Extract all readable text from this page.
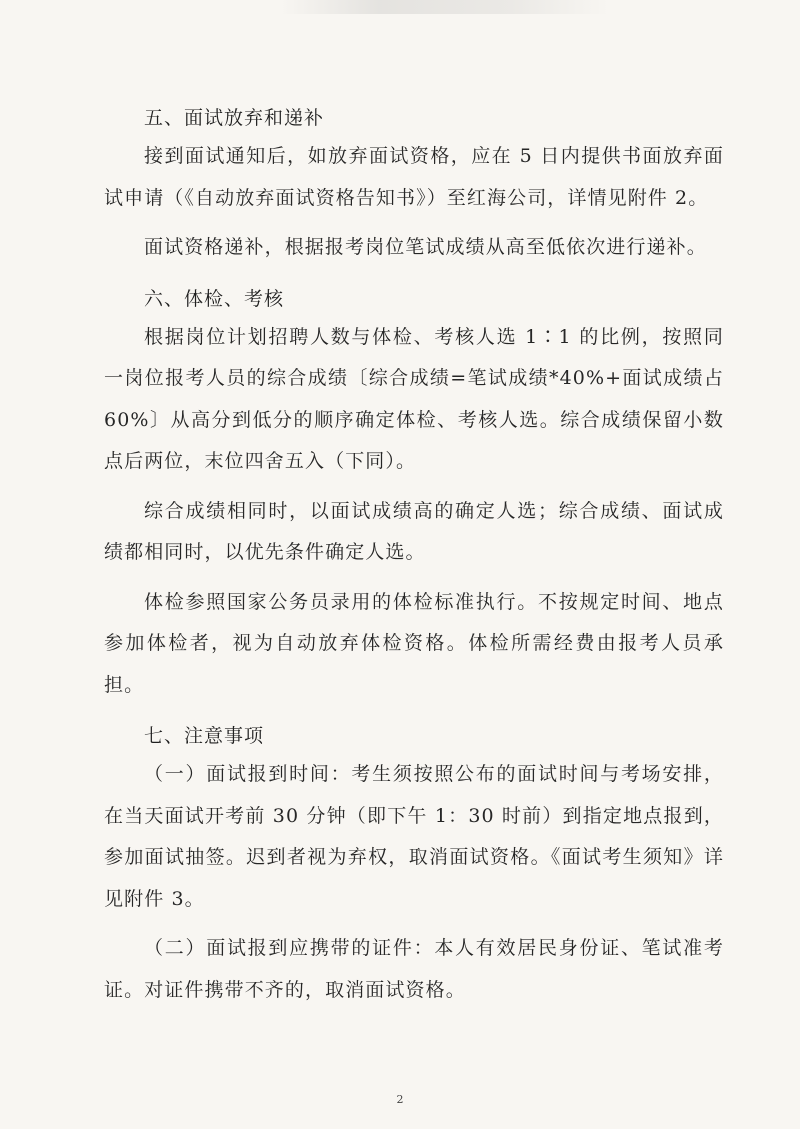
五、面试放弃和递补

接到面试通知后，如放弃面试资格，应在 5 日内提供书面放弃面试申请（《自动放弃面试资格告知书》）至红海公司，详情见附件 2。

面试资格递补，根据报考岗位笔试成绩从高至低依次进行递补。

六、体检、考核

根据岗位计划招聘人数与体检、考核人选 1∶1 的比例，按照同一岗位报考人员的综合成绩〔综合成绩=笔试成绩*40%+面试成绩占 60%〕从高分到低分的顺序确定体检、考核人选。综合成绩保留小数点后两位，末位四舍五入（下同）。

综合成绩相同时，以面试成绩高的确定人选；综合成绩、面试成绩都相同时，以优先条件确定人选。

体检参照国家公务员录用的体检标准执行。不按规定时间、地点参加体检者，视为自动放弃体检资格。体检所需经费由报考人员承担。

七、注意事项

（一）面试报到时间：考生须按照公布的面试时间与考场安排，在当天面试开考前 30 分钟（即下午 1：30 时前）到指定地点报到，参加面试抽签。迟到者视为弃权，取消面试资格。《面试考生须知》详见附件 3。

（二）面试报到应携带的证件：本人有效居民身份证、笔试准考证。对证件携带不齐的，取消面试资格。

2
